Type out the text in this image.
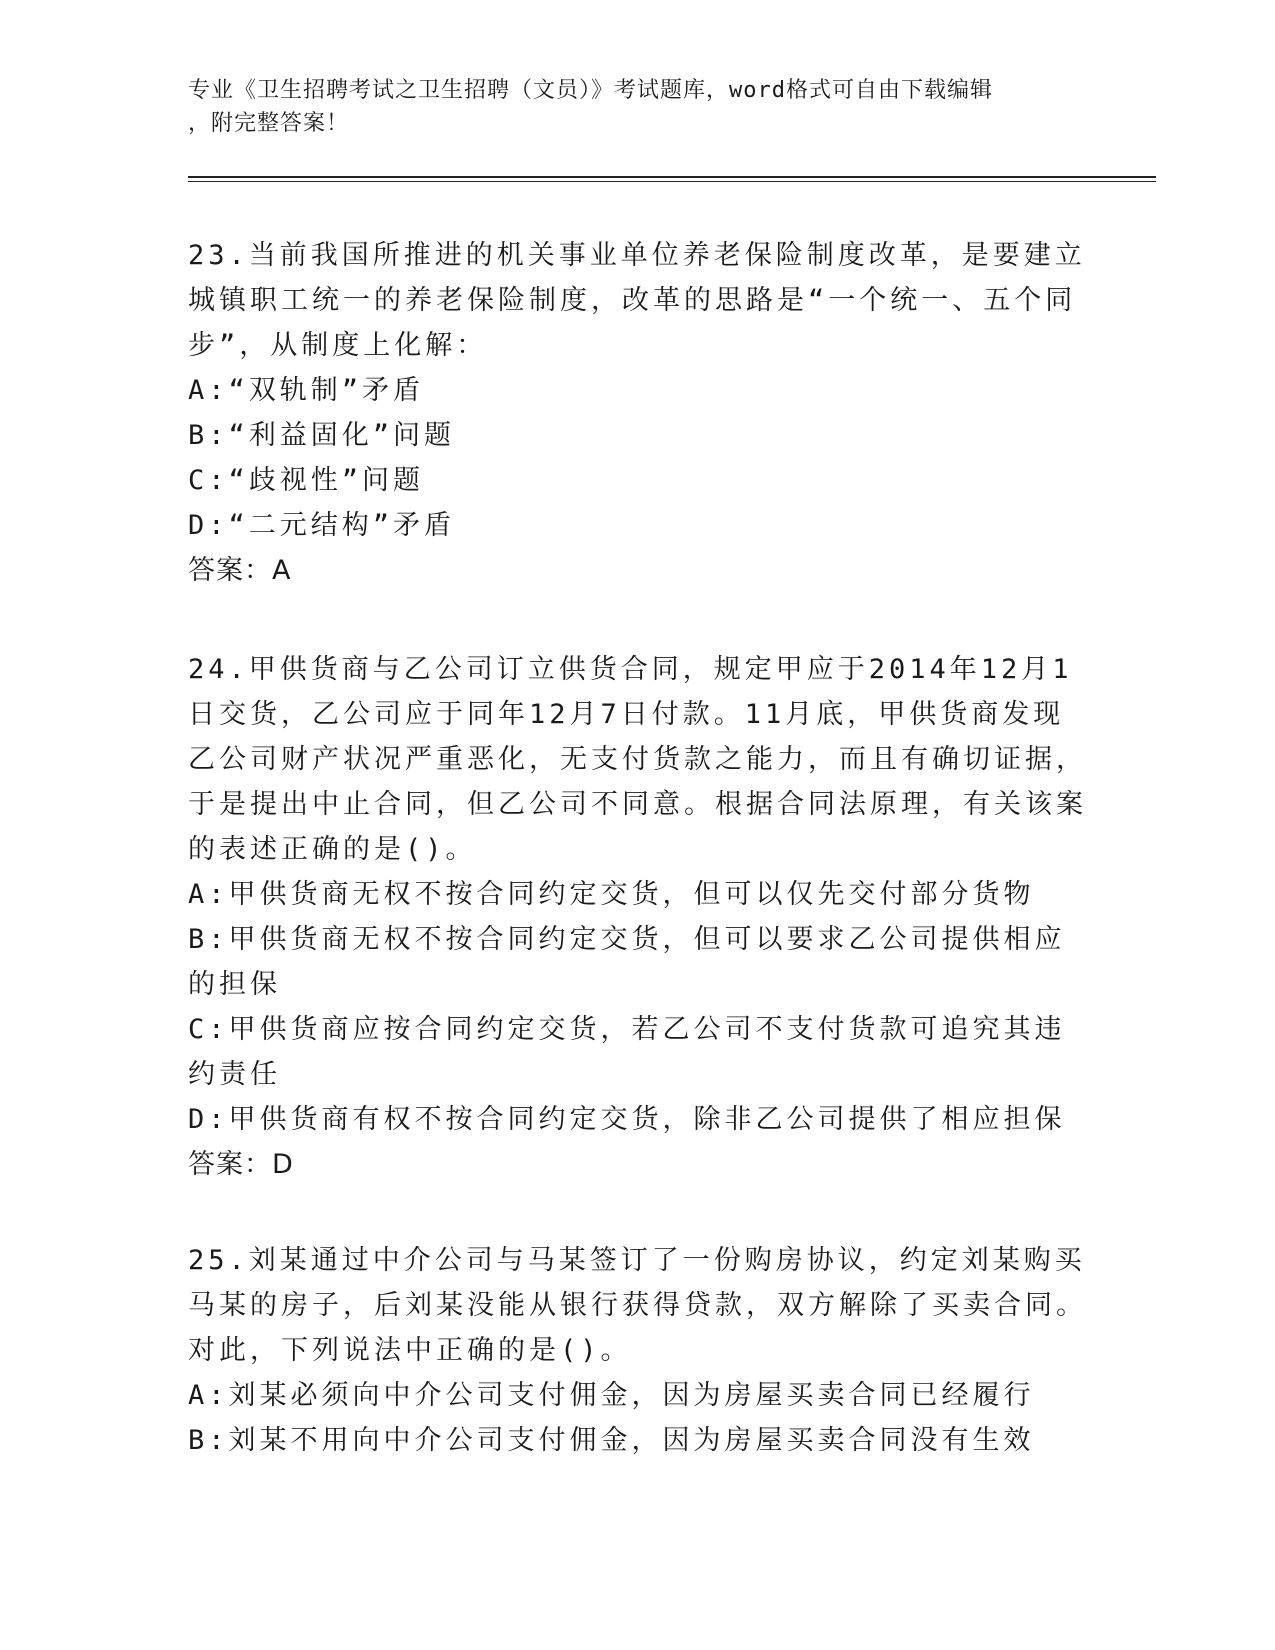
专业《卫生招聘考试之卫生招聘（文员）》考试题库，word格式可自由下载编辑
，附完整答案！

23.当前我国所推进的机关事业单位养老保险制度改革，是要建立城镇职工统一的养老保险制度，改革的思路是“一个统一、五个同步”，从制度上化解：

A:“双轨制”矛盾

B:“利益固化”问题

C:“歧视性”问题

D:“二元结构”矛盾

答案：A

24.甲供货商与乙公司订立供货合同，规定甲应于2014年12月1日交货，乙公司应于同年12月7日付款。11月底，甲供货商发现乙公司财产状况严重恶化，无支付货款之能力，而且有确切证据，于是提出中止合同，但乙公司不同意。根据合同法原理，有关该案的表述正确的是()。

A:甲供货商无权不按合同约定交货，但可以仅先交付部分货物

B:甲供货商无权不按合同约定交货，但可以要求乙公司提供相应的担保

C:甲供货商应按合同约定交货，若乙公司不支付货款可追究其违约责任

D:甲供货商有权不按合同约定交货，除非乙公司提供了相应担保

答案：D

25.刘某通过中介公司与马某签订了一份购房协议，约定刘某购买马某的房子，后刘某没能从银行获得贷款，双方解除了买卖合同。对此，下列说法中正确的是()。

A:刘某必须向中介公司支付佣金，因为房屋买卖合同已经履行

B:刘某不用向中介公司支付佣金，因为房屋买卖合同没有生效
